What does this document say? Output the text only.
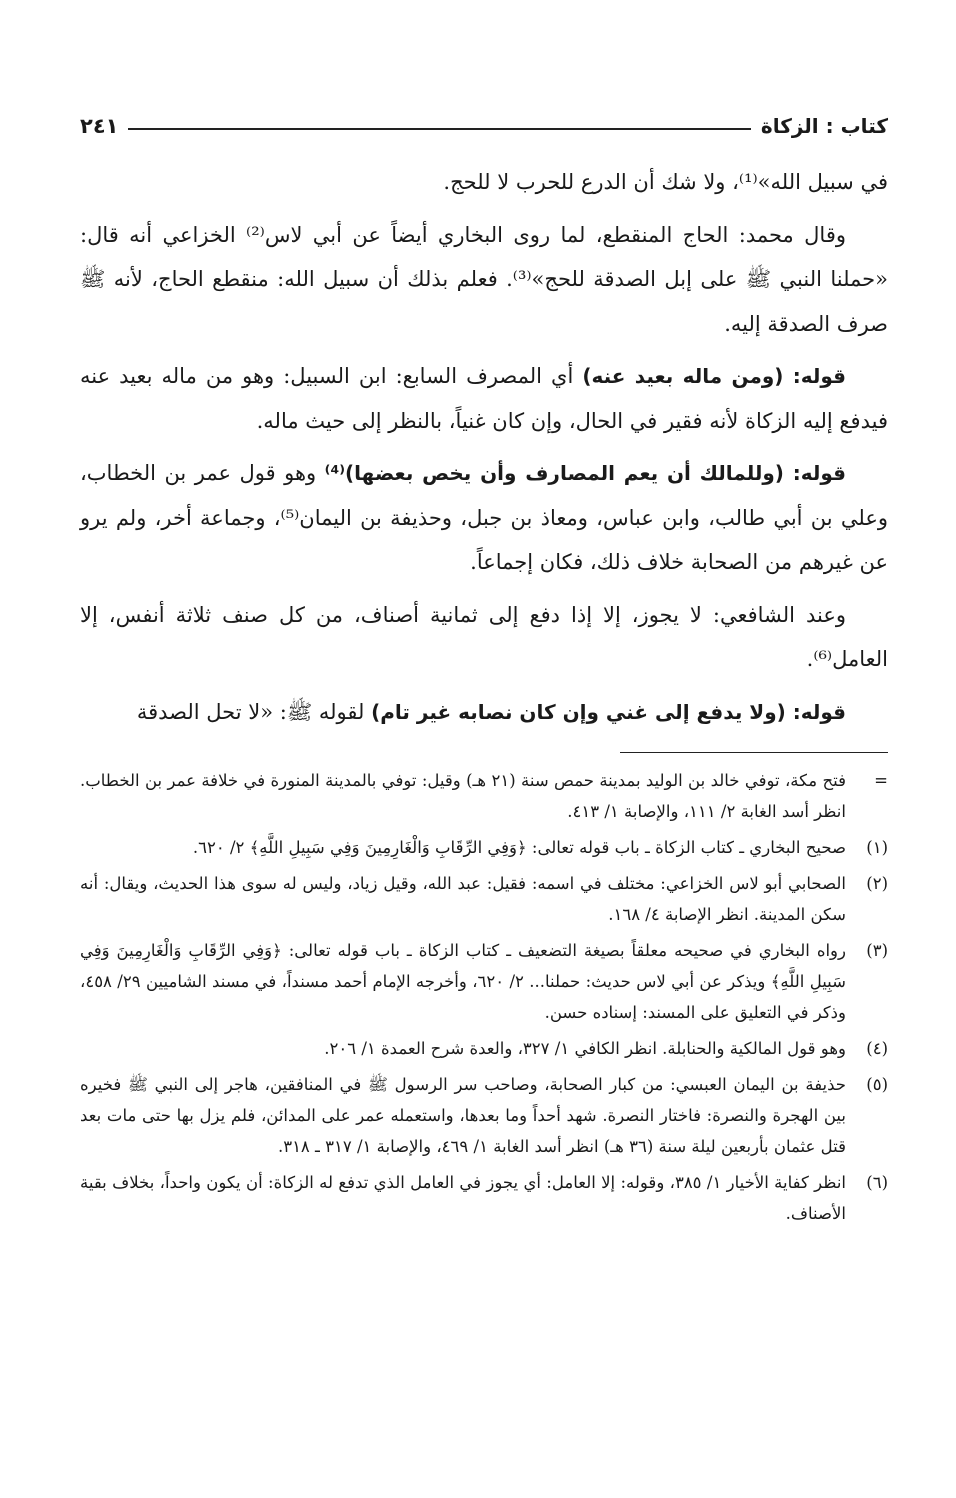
كتاب : الزكاة
٢٤١

في سبيل الله»⁽¹⁾، ولا شك أن الدرع للحرب لا للحج.

وقال محمد: الحاج المنقطع، لما روى البخاري أيضاً عن أبي لاس⁽²⁾ الخزاعي أنه قال: «حملنا النبي ﷺ على إبل الصدقة للحج»⁽³⁾. فعلم بذلك أن سبيل الله: منقطع الحاج، لأنه ﷺ صرف الصدقة إليه.

قوله: (ومن ماله بعيد عنه) أي المصرف السابع: ابن السبيل: وهو من ماله بعيد عنه فيدفع إليه الزكاة لأنه فقير في الحال، وإن كان غنياً، بالنظر إلى حيث ماله.

قوله: (وللمالك أن يعم المصارف وأن يخص بعضها)⁽⁴⁾ وهو قول عمر بن الخطاب، وعلي بن أبي طالب، وابن عباس، ومعاذ بن جبل، وحذيفة بن اليمان⁽⁵⁾، وجماعة أخر، ولم يرو عن غيرهم من الصحابة خلاف ذلك، فكان إجماعاً.

وعند الشافعي: لا يجوز، إلا إذا دفع إلى ثمانية أصناف، من كل صنف ثلاثة أنفس، إلا العامل⁽⁶⁾.

قوله: (ولا يدفع إلى غني وإن كان نصابه غير تام) لقوله ﷺ: «لا تحل الصدقة

=
فتح مكة، توفي خالد بن الوليد بمدينة حمص سنة (٢١ هـ) وقيل: توفي بالمدينة المنورة في خلافة عمر بن الخطاب. انظر أسد الغابة ٢/ ١١١، والإصابة ١/ ٤١٣.
(١)
صحيح البخاري ـ كتاب الزكاة ـ باب قوله تعالى: ﴿وَفِي الرِّقَابِ وَالْغَارِمِينَ وَفِي سَبِيلِ اللَّهِ﴾ ٢/ ٦٢٠.
(٢)
الصحابي أبو لاس الخزاعي: مختلف في اسمه: فقيل: عبد الله، وقيل زياد، وليس له سوى هذا الحديث، ويقال: أنه سكن المدينة. انظر الإصابة ٤/ ١٦٨.
(٣)
رواه البخاري في صحيحه معلقاً بصيغة التضعيف ـ كتاب الزكاة ـ باب قوله تعالى: ﴿وَفِي الرِّقَابِ وَالْغَارِمِينَ وَفِي سَبِيلِ اللَّهِ﴾ ويذكر عن أبي لاس حديث: حملنا... ٢/ ٦٢٠، وأخرجه الإمام أحمد مسنداً، في مسند الشاميين ٢٩/ ٤٥٨، وذكر في التعليق على المسند: إسناده حسن.
(٤)
وهو قول المالكية والحنابلة. انظر الكافي ١/ ٣٢٧، والعدة شرح العمدة ١/ ٢٠٦.
(٥)
حذيفة بن اليمان العبسي: من كبار الصحابة، وصاحب سر الرسول ﷺ في المنافقين، هاجر إلى النبي ﷺ فخيره بين الهجرة والنصرة: فاختار النصرة. شهد أحداً وما بعدها، واستعمله عمر على المدائن، فلم يزل بها حتى مات بعد قتل عثمان بأربعين ليلة سنة (٣٦ هـ) انظر أسد الغابة ١/ ٤٦٩، والإصابة ١/ ٣١٧ ـ ٣١٨.
(٦)
انظر كفاية الأخيار ١/ ٣٨٥، وقوله: إلا العامل: أي يجوز في العامل الذي تدفع له الزكاة: أن يكون واحداً، بخلاف بقية الأصناف.
